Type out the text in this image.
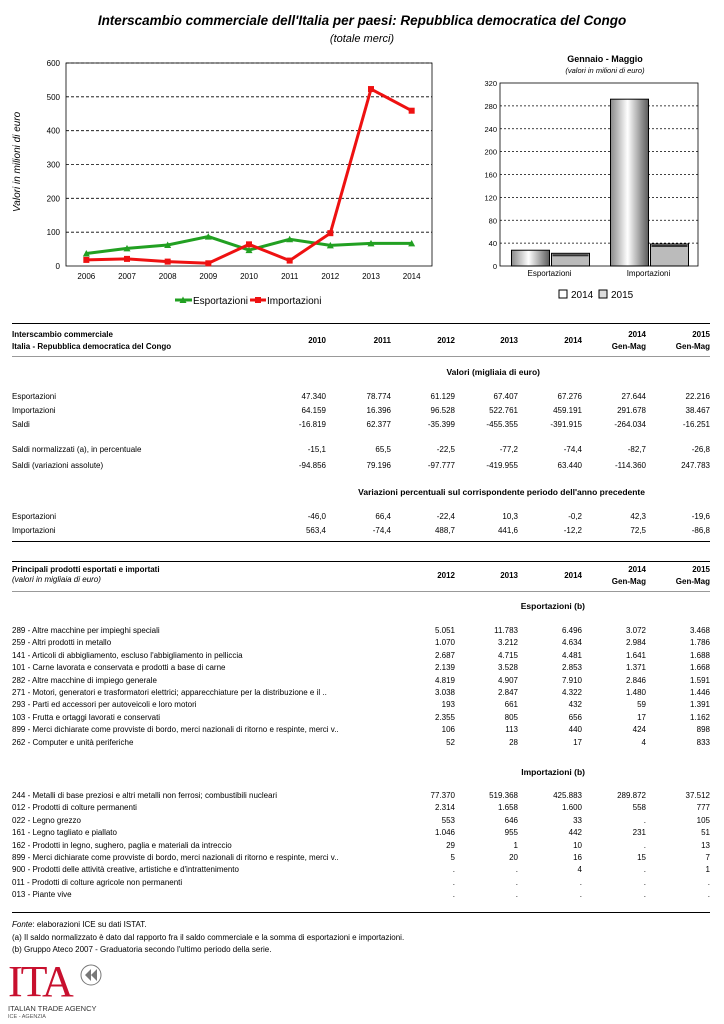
Interscambio commerciale dell'Italia per paesi: Repubblica democratica del Congo
(totale merci)
Valori in milioni di euro
0
100
200
300
400
500
600
2006	2007	2008	2009	2010	2011	2012	2013	2014
Esportazioni Importazioni
Gennaio - Maggio
(valori in milioni di euro)
0
40
80
120
160
200
240
280
320
Esportazioni	Importazioni
2014 2015
Interscambio commerciale
Italia - Repubblica democratica del Congo
2010	2011	2012	2013	2014
2014
Gen-Mag
2015
Gen-Mag
Valori (migliaia di euro)
Esportazioni	47.340	78.774	61.129	67.407	67.276	27.644	22.216
Importazioni	64.159	16.396	96.528	522.761	459.191	291.678	38.467
Saldi	-16.819	62.377	-35.399	-455.355	-391.915	-264.034	-16.251
Saldi normalizzati (a), in percentuale	-15,1	65,5	-22,5	-77,2	-74,4	-82,7	-26,8
Saldi (variazioni assolute)	-94.856	79.196	-97.777	-419.955	63.440	-114.360	247.783
Esportazioni	-46,0	66,4	-22,4	10,3	-0,2	42,3	-19,6
Importazioni	563,4	-74,4	488,7	441,6	-12,2	72,5	-86,8
Variazioni percentuali sul corrispondente periodo dell'anno precedente
Principali prodotti esportati e importati
(valori in migliaia di euro)	2012	2013	2014
2014
Gen-Mag
2015
Gen-Mag
Esportazioni (b)
Importazioni (b)
289 - Altre macchine per impieghi speciali	5.051	11.783	6.496	3.072	3.468
259 - Altri prodotti in metallo	1.070	3.212	4.634	2.984	1.786
141 - Articoli di abbigliamento, escluso l'abbigliamento in pelliccia	2.687	4.715	4.481	1.641	1.688
101 - Carne lavorata e conservata e prodotti a base di carne	2.139	3.528	2.853	1.371	1.668
282 - Altre macchine di impiego generale	4.819	4.907	7.910	2.846	1.591
271 - Motori, generatori e trasformatori elettrici; apparecchiature per la distribuzione e il ..	3.038	2.847	4.322	1.480	1.446
293 - Parti ed accessori per autoveicoli e loro motori	193	661	432	59	1.391
103 - Frutta e ortaggi lavorati e conservati	2.355	805	656	17	1.162
899 - Merci dichiarate come provviste di bordo, merci nazionali di ritorno e respinte, merci v..	106	113	440	424	898
262 - Computer e unità periferiche	52	28	17	4	833
244 - Metalli di base preziosi e altri metalli non ferrosi; combustibili nucleari	77.370	519.368	425.883	289.872	37.512
012 - Prodotti di colture permanenti	2.314	1.658	1.600	558	777
022 - Legno grezzo	553	646	33	.	105
161 - Legno tagliato e piallato	1.046	955	442	231	51
162 - Prodotti in legno, sughero, paglia e materiali da intreccio	29	1	10	.	13
899 - Merci dichiarate come provviste di bordo, merci nazionali di ritorno e respinte, merci v..	5	20	16	15	7
900 - Prodotti delle attività creative, artistiche e d'intrattenimento	.	.	4	.	1
011 - Prodotti di colture agricole non permanenti	.	.	.	.	.
013 - Piante vive	.	.	.	.	.
Fonte: elaborazioni ICE su dati ISTAT.
(a) Il saldo normalizzato è dato dal rapporto fra il saldo commerciale e la somma di esportazioni e importazioni.
(b) Gruppo Ateco 2007 - Graduatoria secondo l'ultimo periodo della serie.
ITA
ITALIAN TRADE AGENCY
ICE - AGENZIA
